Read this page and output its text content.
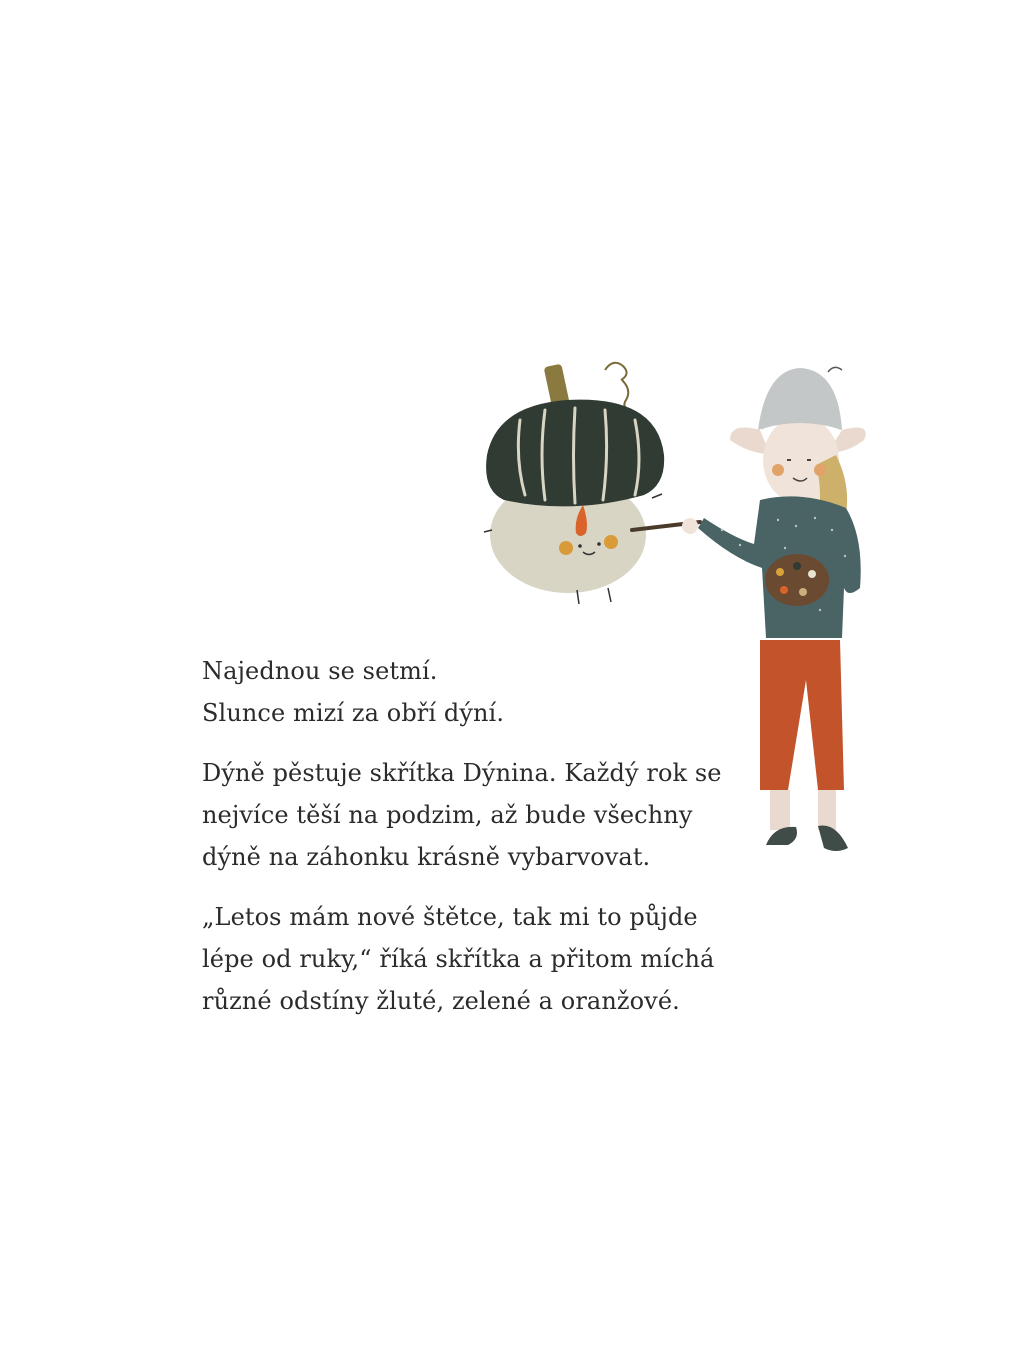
Najednou se setmí.
Slunce mizí za obří dýní.

Dýně pěstuje skřítka Dýnina. Každý rok se
nejvíce těší na podzim, až bude všechny
dýně na záhonku krásně vybarvovat.

„Letos mám nové štětce, tak mi to půjde
lépe od ruky,“ říká skřítka a přitom míchá
různé odstíny žluté, zelené a oranžové.
